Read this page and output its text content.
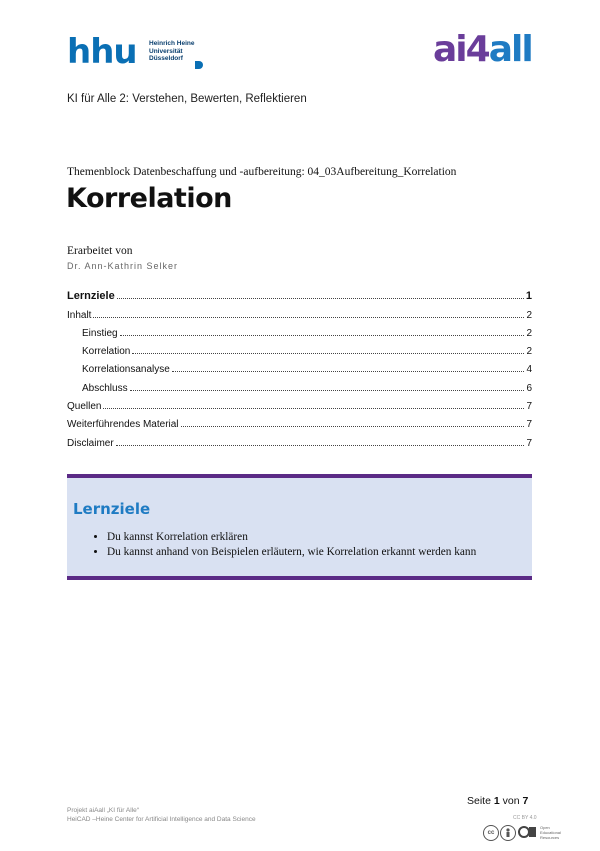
hhu Heinrich Heine
Universität
Düsseldorf	ai4all
KI für Alle 2: Verstehen, Bewerten, Reflektieren
Themenblock Datenbeschaffung und -aufbereitung: 04_03Aufbereitung_Korrelation
Korrelation
Erarbeitet von
Dr. Ann-Kathrin Selker
Lernziele	1
Inhalt	2
Einstieg	2
Korrelation	2
Korrelationsanalyse	4
Abschluss	6
Quellen	7
Weiterführendes Material	7
Disclaimer	7
Lernziele
• Du kannst Korrelation erklären
• Du kannst anhand von Beispielen erläutern, wie Korrelation erkannt werden kann
Seite 1 von 7
Projekt aiAall „KI für Alle“
HeiCAD –Heine Center for Artificial Intelligence and Data Science	CC BY 4.0
cc
Open Educational Resources
